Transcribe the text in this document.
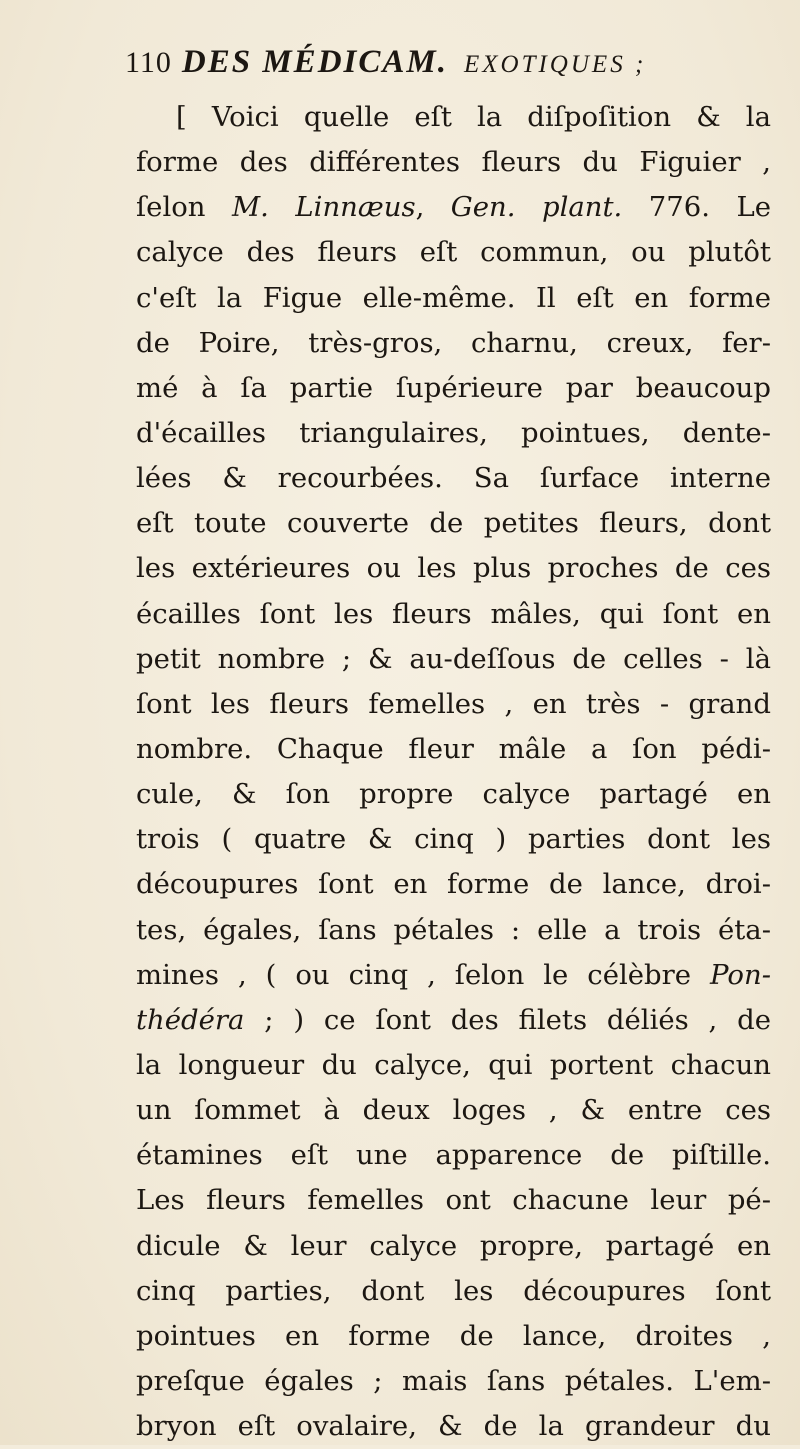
110 DES MÉDICAM. EXOTIQUES ;
[ Voici quelle eſt la diſpoſition & la
forme des différentes fleurs du Figuier ,
ſelon M. Linnæus, Gen. plant. 776. Le
calyce des fleurs eſt commun, ou plutôt
c'eſt la Figue elle-même. Il eſt en forme
de Poire, très-gros, charnu, creux, fer-
mé à ſa partie ſupérieure par beaucoup
d'écailles triangulaires, pointues, dente-
lées & recourbées. Sa ſurface interne
eſt toute couverte de petites fleurs, dont
les extérieures ou les plus proches de ces
écailles ſont les fleurs mâles, qui ſont en
petit nombre ; & au-deſſous de celles - là
ſont les fleurs femelles , en très - grand
nombre. Chaque fleur mâle a ſon pédi-
cule, & ſon propre calyce partagé en
trois ( quatre & cinq ) parties dont les
découpures ſont en forme de lance, droi-
tes, égales, ſans pétales : elle a trois éta-
mines , ( ou cinq , ſelon le célèbre Pon-
thédéra ; ) ce ſont des filets déliés , de
la longueur du calyce, qui portent chacun
un ſommet à deux loges , & entre ces
étamines eſt une apparence de piſtille.
Les fleurs femelles ont chacune leur pé-
dicule & leur calyce propre, partagé en
cinq parties, dont les découpures ſont
pointues en forme de lance, droites ,
preſque égales ; mais ſans pétales. L'em-
bryon eſt ovalaire, & de la grandeur du
